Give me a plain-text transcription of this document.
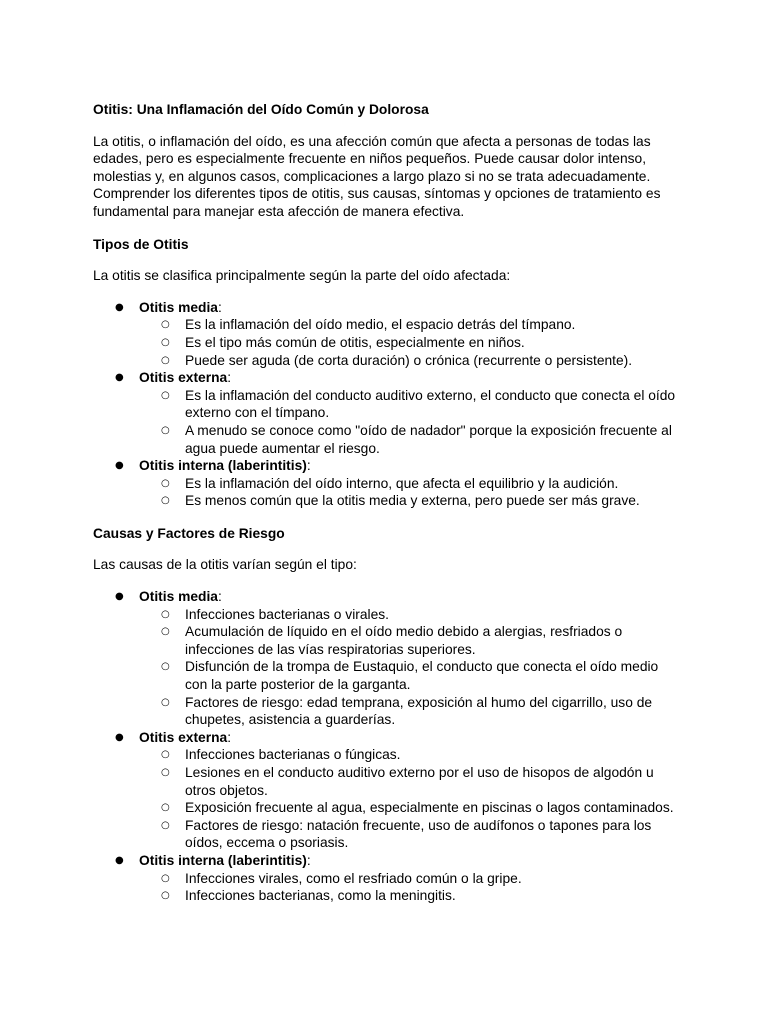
Otitis: Una Inflamación del Oído Común y Dolorosa

La otitis, o inflamación del oído, es una afección común que afecta a personas de todas las edades, pero es especialmente frecuente en niños pequeños. Puede causar dolor intenso, molestias y, en algunos casos, complicaciones a largo plazo si no se trata adecuadamente. Comprender los diferentes tipos de otitis, sus causas, síntomas y opciones de tratamiento es fundamental para manejar esta afección de manera efectiva.

Tipos de Otitis

La otitis se clasifica principalmente según la parte del oído afectada:

● Otitis media:
○ Es la inflamación del oído medio, el espacio detrás del tímpano.
○ Es el tipo más común de otitis, especialmente en niños.
○ Puede ser aguda (de corta duración) o crónica (recurrente o persistente).
● Otitis externa:
○ Es la inflamación del conducto auditivo externo, el conducto que conecta el oído externo con el tímpano.
○ A menudo se conoce como "oído de nadador" porque la exposición frecuente al agua puede aumentar el riesgo.
● Otitis interna (laberintitis):
○ Es la inflamación del oído interno, que afecta el equilibrio y la audición.
○ Es menos común que la otitis media y externa, pero puede ser más grave.
Causas y Factores de Riesgo

Las causas de la otitis varían según el tipo:

● Otitis media:
○ Infecciones bacterianas o virales.
○ Acumulación de líquido en el oído medio debido a alergias, resfriados o infecciones de las vías respiratorias superiores.
○ Disfunción de la trompa de Eustaquio, el conducto que conecta el oído medio con la parte posterior de la garganta.
○ Factores de riesgo: edad temprana, exposición al humo del cigarrillo, uso de chupetes, asistencia a guarderías.
● Otitis externa:
○ Infecciones bacterianas o fúngicas.
○ Lesiones en el conducto auditivo externo por el uso de hisopos de algodón u otros objetos.
○ Exposición frecuente al agua, especialmente en piscinas o lagos contaminados.
○ Factores de riesgo: natación frecuente, uso de audífonos o tapones para los oídos, eccema o psoriasis.
● Otitis interna (laberintitis):
○ Infecciones virales, como el resfriado común o la gripe.
○ Infecciones bacterianas, como la meningitis.
